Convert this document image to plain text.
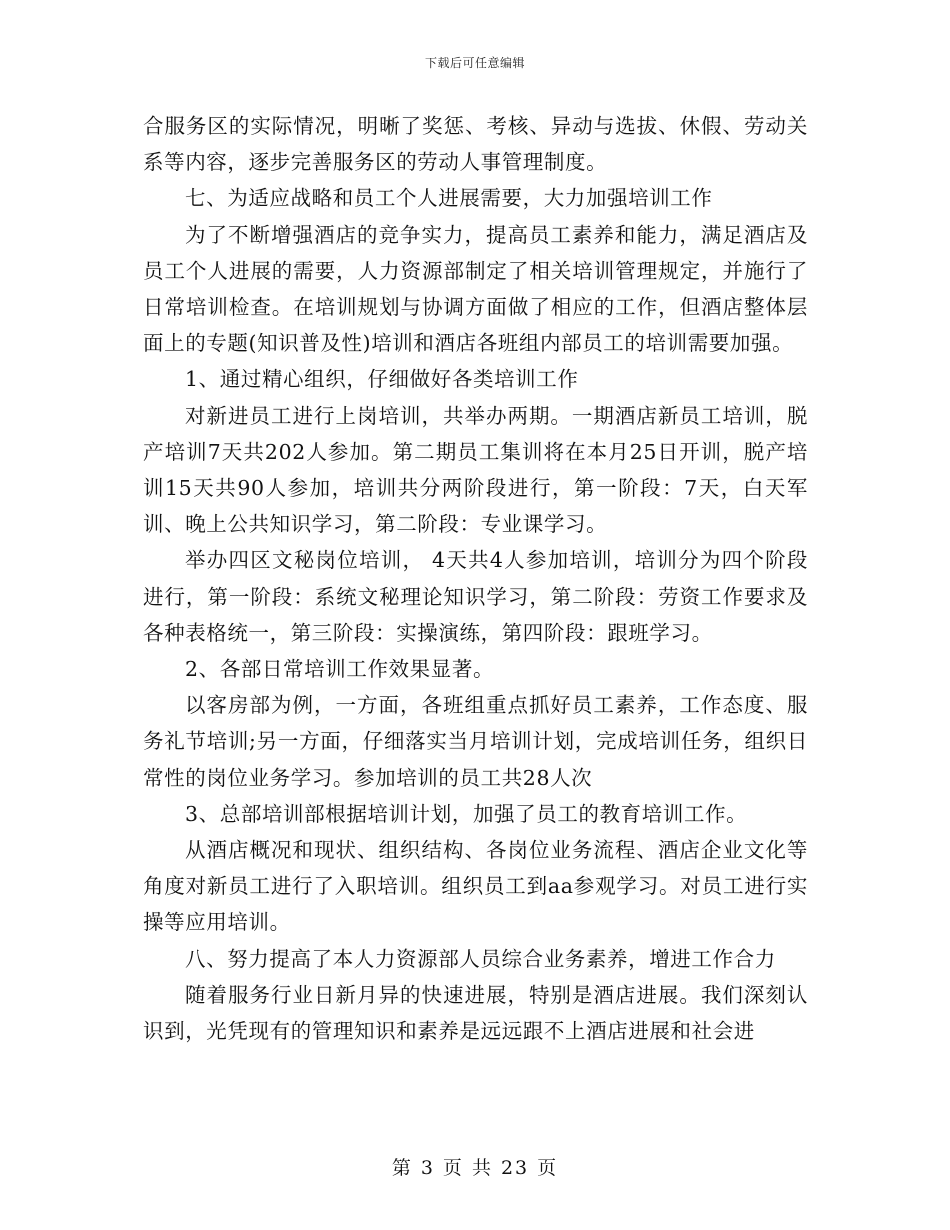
下载后可任意编辑

合服务区的实际情况，明晰了奖惩、考核、异动与选拔、休假、劳动关系等内容，逐步完善服务区的劳动人事管理制度。

七、为适应战略和员工个人进展需要，大力加强培训工作

为了不断增强酒店的竞争实力，提高员工素养和能力，满足酒店及员工个人进展的需要，人力资源部制定了相关培训管理规定，并施行了日常培训检查。在培训规划与协调方面做了相应的工作，但酒店整体层面上的专题(知识普及性)培训和酒店各班组内部员工的培训需要加强。

1、通过精心组织，仔细做好各类培训工作

对新进员工进行上岗培训，共举办两期。一期酒店新员工培训，脱产培训7天共202人参加。第二期员工集训将在本月25日开训，脱产培训15天共90人参加，培训共分两阶段进行，第一阶段：7天，白天军训、晚上公共知识学习，第二阶段：专业课学习。

举办四区文秘岗位培训， 4天共4人参加培训，培训分为四个阶段进行，第一阶段：系统文秘理论知识学习，第二阶段：劳资工作要求及各种表格统一，第三阶段：实操演练，第四阶段：跟班学习。

2、各部日常培训工作效果显著。

以客房部为例，一方面，各班组重点抓好员工素养，工作态度、服务礼节培训;另一方面，仔细落实当月培训计划，完成培训任务，组织日常性的岗位业务学习。参加培训的员工共28人次

3、总部培训部根据培训计划，加强了员工的教育培训工作。

从酒店概况和现状、组织结构、各岗位业务流程、酒店企业文化等角度对新员工进行了入职培训。组织员工到aa参观学习。对员工进行实操等应用培训。

八、努力提高了本人力资源部人员综合业务素养，增进工作合力

随着服务行业日新月异的快速进展，特别是酒店进展。我们深刻认识到，光凭现有的管理知识和素养是远远跟不上酒店进展和社会进

第 3 页 共 23 页
